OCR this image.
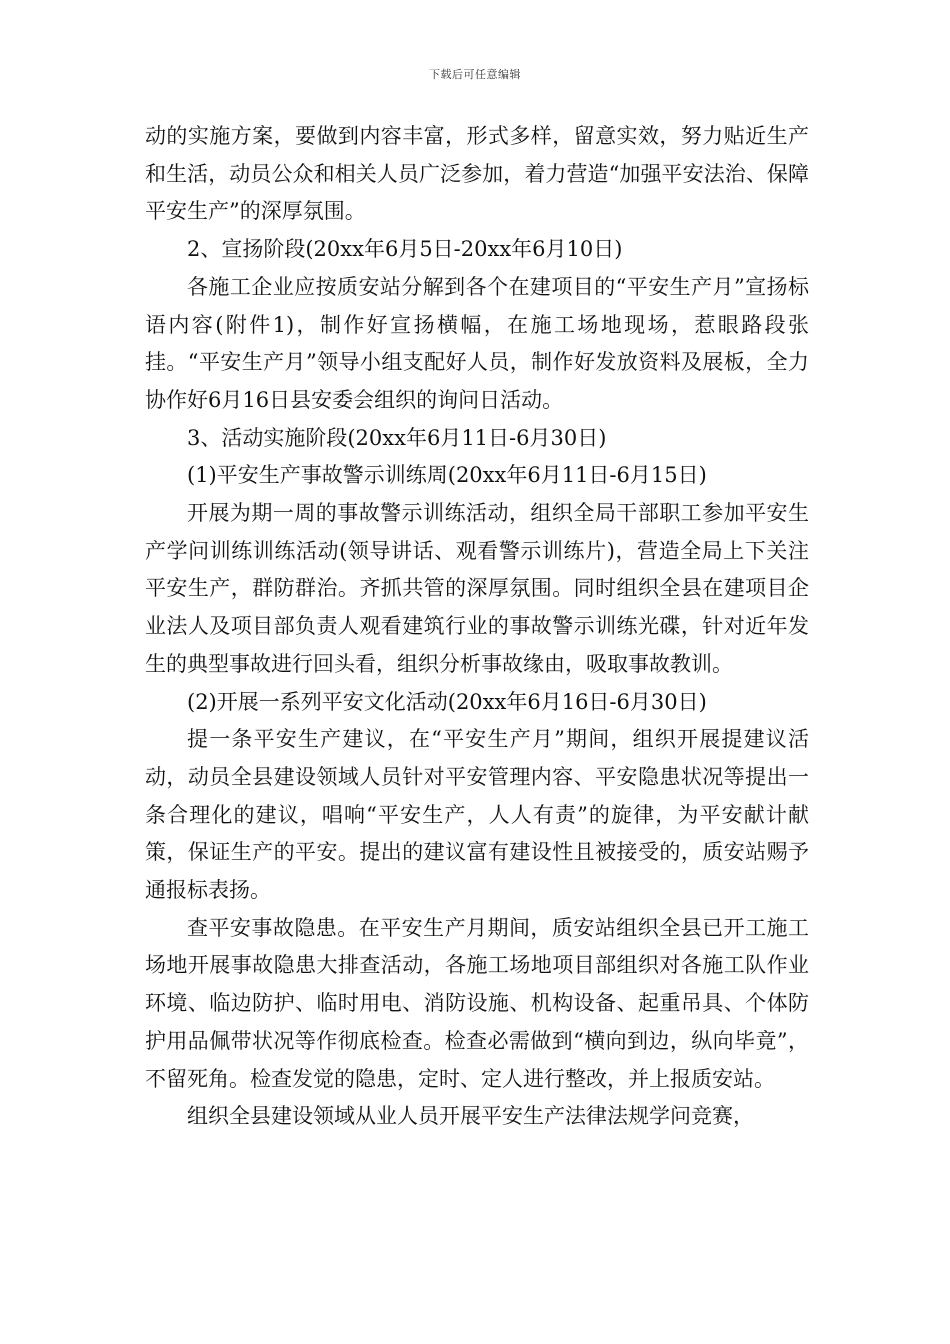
下载后可任意编辑

动的实施方案，要做到内容丰富，形式多样，留意实效，努力贴近生产和生活，动员公众和相关人员广泛参加，着力营造“加强平安法治、保障平安生产”的深厚氛围。

2、宣扬阶段(20xx年6月5日-20xx年6月10日)

各施工企业应按质安站分解到各个在建项目的“平安生产月”宣扬标语内容(附件1)，制作好宣扬横幅，在施工场地现场，惹眼路段张挂。“平安生产月”领导小组支配好人员，制作好发放资料及展板，全力协作好6月16日县安委会组织的询问日活动。

3、活动实施阶段(20xx年6月11日-6月30日)

(1)平安生产事故警示训练周(20xx年6月11日-6月15日)

开展为期一周的事故警示训练活动，组织全局干部职工参加平安生产学问训练训练活动(领导讲话、观看警示训练片)，营造全局上下关注平安生产，群防群治。齐抓共管的深厚氛围。同时组织全县在建项目企业法人及项目部负责人观看建筑行业的事故警示训练光碟，针对近年发生的典型事故进行回头看，组织分析事故缘由，吸取事故教训。

(2)开展一系列平安文化活动(20xx年6月16日-6月30日)

提一条平安生产建议，在“平安生产月”期间，组织开展提建议活动，动员全县建设领域人员针对平安管理内容、平安隐患状况等提出一条合理化的建议，唱响“平安生产，人人有责”的旋律，为平安献计献策，保证生产的平安。提出的建议富有建设性且被接受的，质安站赐予通报标表扬。

查平安事故隐患。在平安生产月期间，质安站组织全县已开工施工场地开展事故隐患大排查活动，各施工场地项目部组织对各施工队作业环境、临边防护、临时用电、消防设施、机构设备、起重吊具、个体防护用品佩带状况等作彻底检查。检查必需做到“横向到边，纵向毕竟”，不留死角。检查发觉的隐患，定时、定人进行整改，并上报质安站。

组织全县建设领域从业人员开展平安生产法律法规学问竞赛，
